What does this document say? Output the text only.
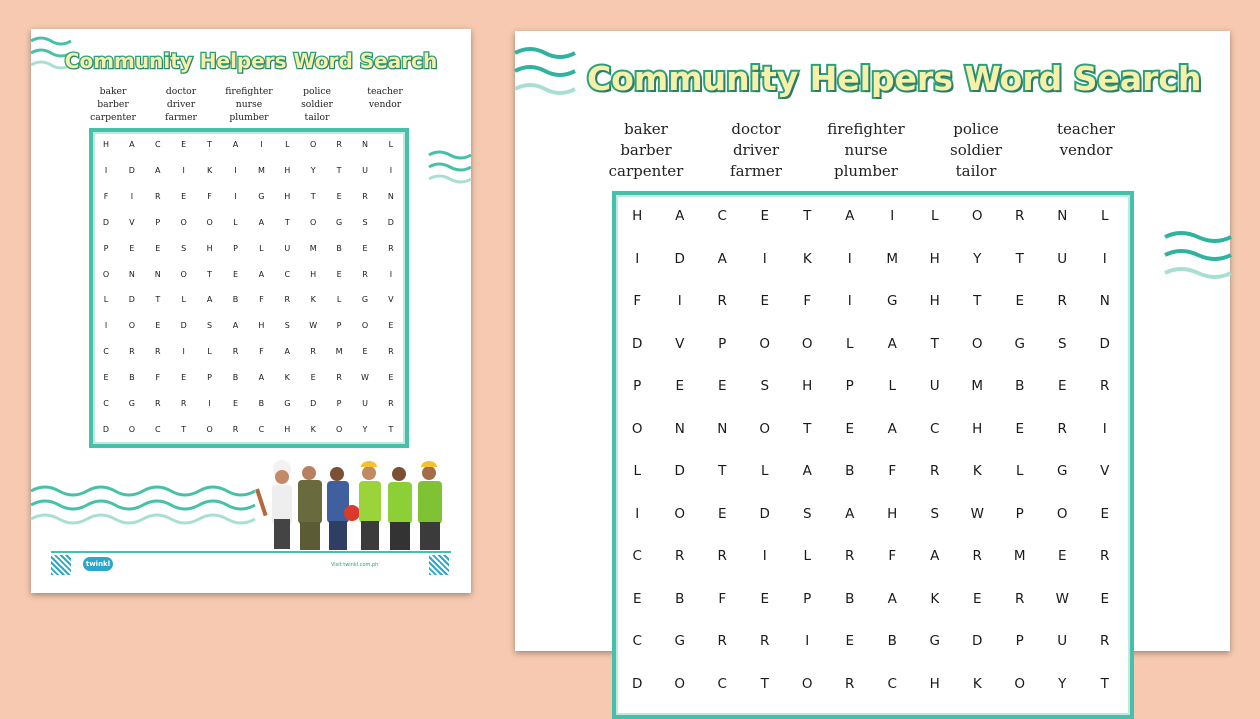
Community Helpers Word Search
baker
barber
carpenter
doctor
driver
farmer
firefighter
nurse
plumber
police
soldier
tailor
teacher
vendor
H	A	C	E	T	A	I	L	O	R	N	L
I	D	A	I	K	I	M	H	Y	T	U	I
F	I	R	E	F	I	G	H	T	E	R	N
D	V	P	O	O	L	A	T	O	G	S	D
P	E	E	S	H	P	L	U	M	B	E	R
O	N	N	O	T	E	A	C	H	E	R	I
L	D	T	L	A	B	F	R	K	L	G	V
I	O	E	D	S	A	H	S	W	P	O	E
C	R	R	I	L	R	F	A	R	M	E	R
E	B	F	E	P	B	A	K	E	R	W	E
C	G	R	R	I	E	B	G	D	P	U	R
D	O	C	T	O	R	C	H	K	O	Y	T
twinkl	Visit twinkl.com.ph
Community Helpers Word Search
baker
barber
carpenter
doctor
driver
farmer
firefighter
nurse
plumber
police
soldier
tailor
teacher
vendor
H	A	C	E	T	A	I	L	O	R	N	L
I	D	A	I	K	I	M	H	Y	T	U	I
F	I	R	E	F	I	G	H	T	E	R	N
D	V	P	O	O	L	A	T	O	G	S	D
P	E	E	S	H	P	L	U	M	B	E	R
O	N	N	O	T	E	A	C	H	E	R	I
L	D	T	L	A	B	F	R	K	L	G	V
I	O	E	D	S	A	H	S	W	P	O	E
C	R	R	I	L	R	F	A	R	M	E	R
E	B	F	E	P	B	A	K	E	R	W	E
C	G	R	R	I	E	B	G	D	P	U	R
D	O	C	T	O	R	C	H	K	O	Y	T
